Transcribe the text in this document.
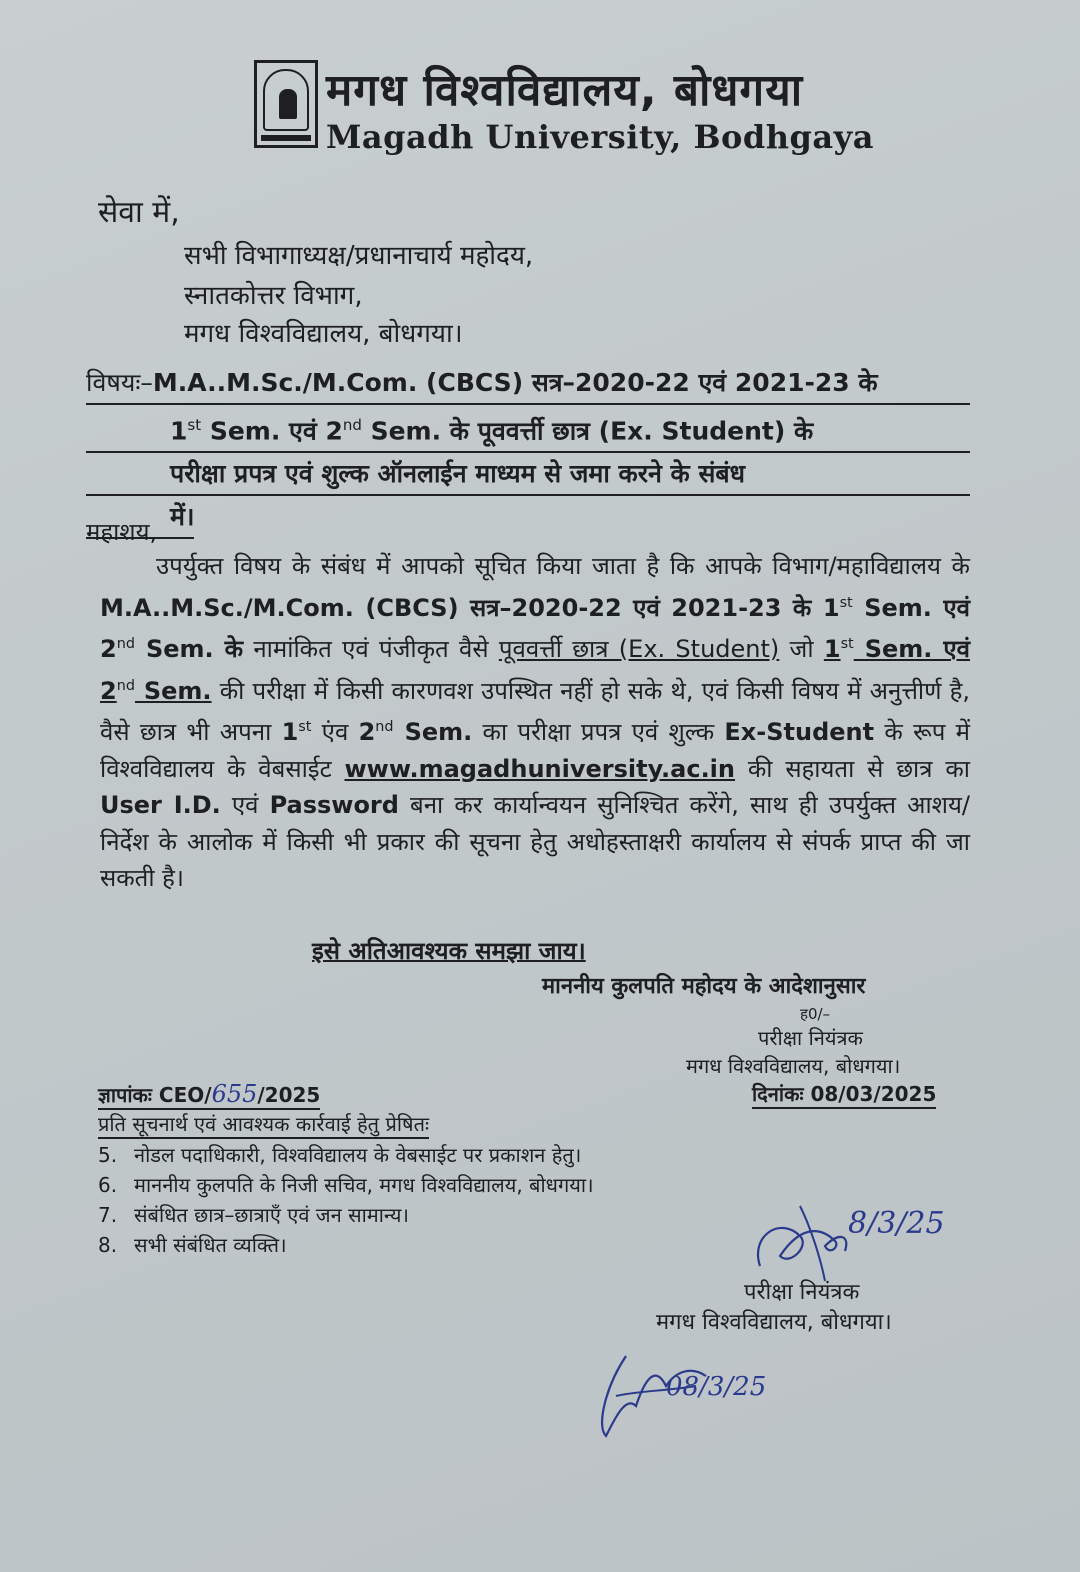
मगध विश्वविद्यालय, बोधगया
Magadh University, Bodhgaya
सेवा में,
सभी विभागाध्यक्ष/प्रधानाचार्य महोदय,
स्नातकोत्तर विभाग,
मगध विश्वविद्यालय, बोधगया।
विषयः–M.A..M.Sc./M.Com. (CBCS) सत्र–2020-22 एवं 2021-23 के
1st Sem. एवं 2nd Sem. के पूववर्त्ती छात्र (Ex. Student) के
परीक्षा प्रपत्र एवं शुल्क ऑनलाईन माध्यम से जमा करने के संबंध
में।
महाशय,
उपर्युक्त विषय के संबंध में आपको सूचित किया जाता है कि आपके विभाग/महाविद्यालय के M.A..M.Sc./M.Com. (CBCS) सत्र–2020-22 एवं 2021-23 के 1st Sem. एवं 2nd Sem. के नामांकित एवं पंजीकृत वैसे पूववर्त्ती छात्र (Ex. Student) जो 1st Sem. एवं 2nd Sem. की परीक्षा में किसी कारणवश उपस्थित नहीं हो सके थे, एवं किसी विषय में अनुत्तीर्ण है, वैसे छात्र भी अपना 1st एंव 2nd Sem. का परीक्षा प्रपत्र एवं शुल्क Ex-Student के रूप में विश्वविद्यालय के वेबसाईट www.magadhuniversity.ac.in की सहायता से छात्र का User I.D. एवं Password बना कर कार्यान्वयन सुनिश्चित करेंगे, साथ ही उपर्युक्त आशय/निर्देश के आलोक में किसी भी प्रकार की सूचना हेतु अधोहस्ताक्षरी कार्यालय से संपर्क प्राप्त की जा सकती है।
इसे अतिआवश्यक समझा जाय।
माननीय कुलपति महोदय के आदेशानुसार
ह0/–
परीक्षा नियंत्रक
मगध विश्वविद्यालय, बोधगया।
ज्ञापांकः CEO/655/2025	दिनांकः 08/03/2025
प्रति सूचनार्थ एवं आवश्यक कार्रवाई हेतु प्रेषितः
5. नोडल पदाधिकारी, विश्वविद्यालय के वेबसाईट पर प्रकाशन हेतु।
6. माननीय कुलपति के निजी सचिव, मगध विश्वविद्यालय, बोधगया।
7. संबंधित छात्र–छात्राएँ एवं जन सामान्य।
8. सभी संबंधित व्यक्ति।
8/3/25
परीक्षा नियंत्रक
मगध विश्वविद्यालय, बोधगया।
08/3/25
